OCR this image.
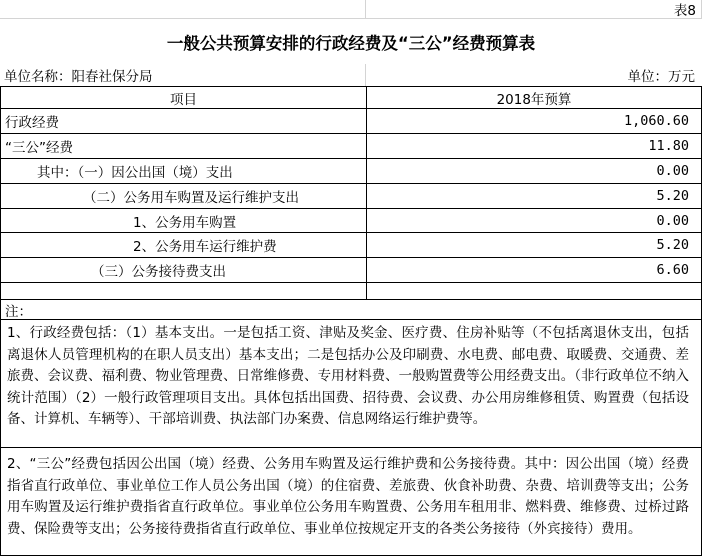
表8
一般公共预算安排的行政经费及“三公”经费预算表
单位名称：阳春社保分局	单位：万元
项目	2018年预算
行政经费	1,060.60
“三公”经费	11.80
其中：（一）因公出国（境）支出	0.00
（二）公务用车购置及运行维护支出	5.20
1、公务用车购置	0.00
2、公务用车运行维护费	5.20
（三）公务接待费支出	6.60
注：
1、行政经费包括：（1）基本支出。一是包括工资、津贴及奖金、医疗费、住房补贴等（不包括离退休支出，包括离退休人员管理机构的在职人员支出）基本支出；二是包括办公及印刷费、水电费、邮电费、取暖费、交通费、差旅费、会议费、福利费、物业管理费、日常维修费、专用材料费、一般购置费等公用经费支出。（非行政单位不纳入统计范围）（2）一般行政管理项目支出。具体包括出国费、招待费、会议费、办公用房维修租赁、购置费（包括设备、计算机、车辆等）、干部培训费、执法部门办案费、信息网络运行维护费等。
2、“三公”经费包括因公出国（境）经费、公务用车购置及运行维护费和公务接待费。其中：因公出国（境）经费指省直行政单位、事业单位工作人员公务出国（境）的住宿费、差旅费、伙食补助费、杂费、培训费等支出；公务用车购置及运行维护费指省直行政单位。事业单位公务用车购置费、公务用车租用非、燃料费、维修费、过桥过路费、保险费等支出；公务接待费指省直行政单位、事业单位按规定开支的各类公务接待（外宾接待）费用。
